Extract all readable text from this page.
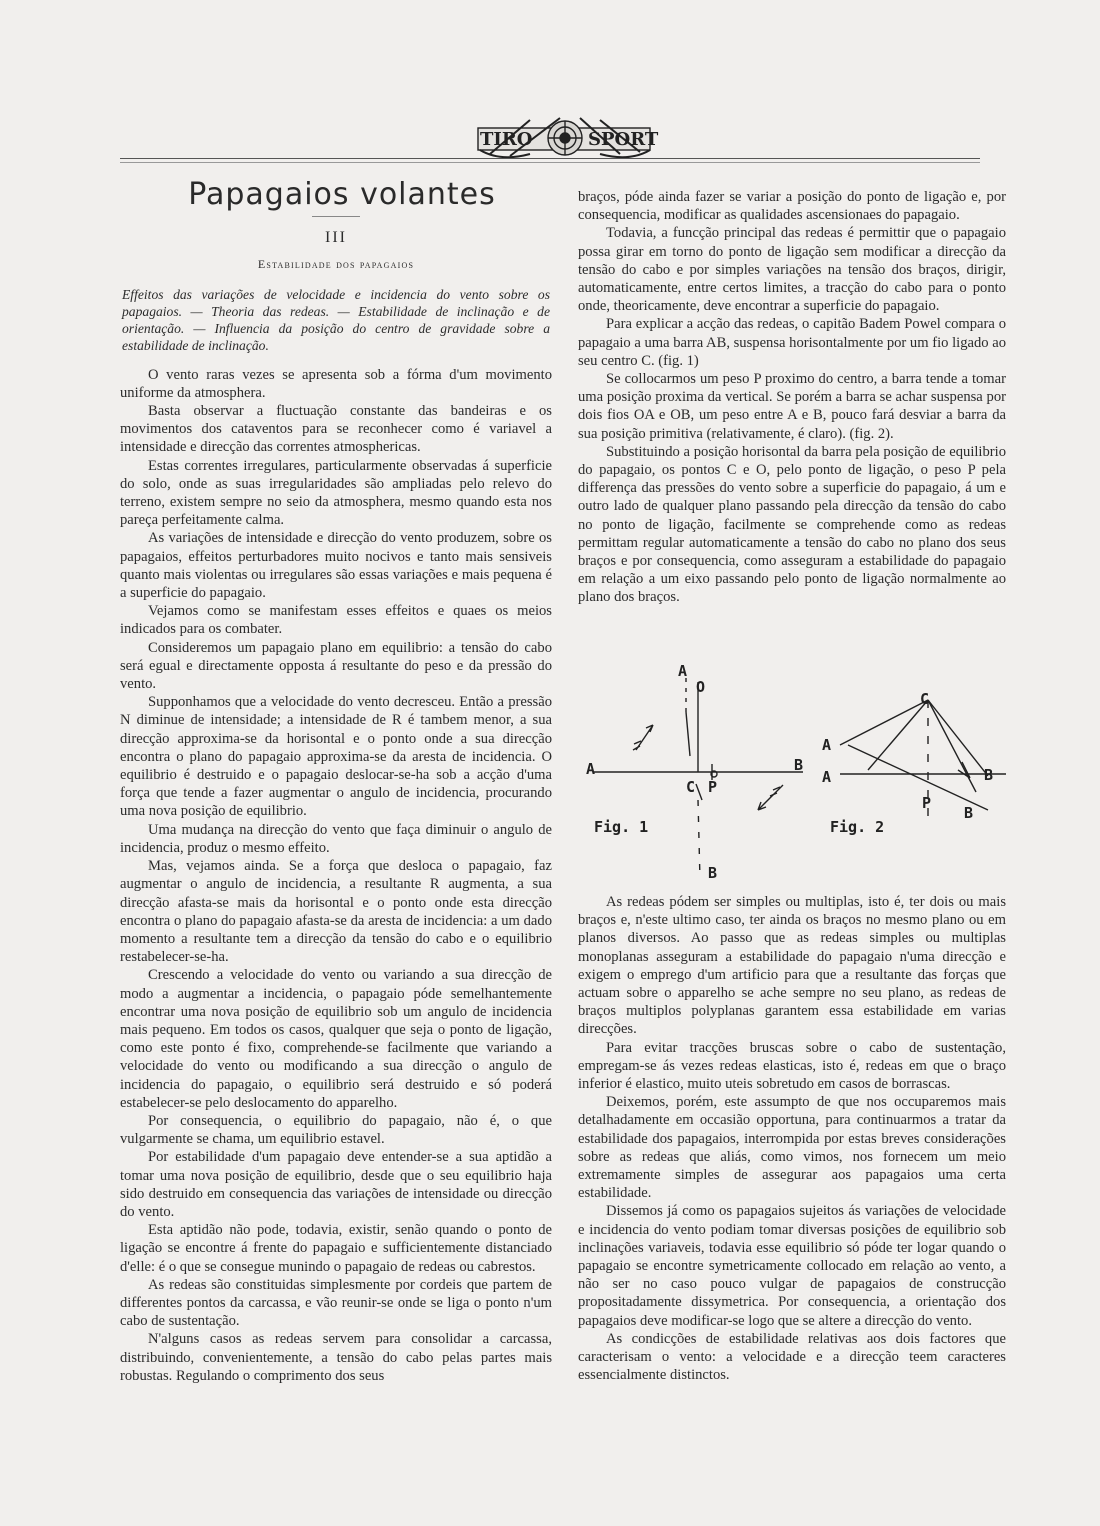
TIRO	SPORT
Papagaios volantes
III
Estabilidade dos papagaios
Effeitos das variações de velocidade e incidencia do vento sobre os papagaios. — Theoria das redeas. — Estabilidade de inclinação e de orientação. — Influencia da posição do centro de gravidade sobre a estabilidade de inclinação.

O vento raras vezes se apresenta sob a fórma d'um movimento uniforme da atmosphera.

Basta observar a fluctuação constante das bandeiras e os movimentos dos cataventos para se reconhecer como é variavel a intensidade e direcção das correntes atmosphericas.

Estas correntes irregulares, particularmente observadas á superficie do solo, onde as suas irregularidades são ampliadas pelo relevo do terreno, existem sempre no seio da atmosphera, mesmo quando esta nos pareça perfeitamente calma.

As variações de intensidade e direcção do vento produzem, sobre os papagaios, effeitos perturbadores muito nocivos e tanto mais sensiveis quanto mais violentas ou irregulares são essas variações e mais pequena é a superficie do papagaio.

Vejamos como se manifestam esses effeitos e quaes os meios indicados para os combater.

Consideremos um papagaio plano em equilibrio: a tensão do cabo será egual e directamente opposta á resultante do peso e da pressão do vento.

Supponhamos que a velocidade do vento decresceu. Então a pressão N diminue de intensidade; a intensidade de R é tambem menor, a sua direcção approxima-se da horisontal e o ponto onde a sua direcção encontra o plano do papagaio approxima-se da aresta de incidencia. O equilibrio é destruido e o papagaio deslocar-se-ha sob a acção d'uma força que tende a fazer augmentar o angulo de incidencia, procurando uma nova posição de equilibrio.

Uma mudança na direcção do vento que faça diminuir o angulo de incidencia, produz o mesmo effeito.

Mas, vejamos ainda. Se a força que desloca o papagaio, faz augmentar o angulo de incidencia, a resultante R augmenta, a sua direcção afasta-se mais da horisontal e o ponto onde esta direcção encontra o plano do papagaio afasta-se da aresta de incidencia: a um dado momento a resultante tem a direcção da tensão do cabo e o equilibrio restabelecer-se-ha.

Crescendo a velocidade do vento ou variando a sua direcção de modo a augmentar a incidencia, o papagaio póde semelhantemente encontrar uma nova posição de equilibrio sob um angulo de incidencia mais pequeno. Em todos os casos, qualquer que seja o ponto de ligação, como este ponto é fixo, comprehende-se facilmente que variando a velocidade do vento ou modificando a sua direcção o angulo de incidencia do papagaio, o equilibrio será destruido e só poderá estabelecer-se pelo deslocamento do apparelho.

Por consequencia, o equilibrio do papagaio, não é, o que vulgarmente se chama, um equilibrio estavel.

Por estabilidade d'um papagaio deve entender-se a sua aptidão a tomar uma nova posição de equilibrio, desde que o seu equilibrio haja sido destruido em consequencia das variações de intensidade ou direcção do vento.

Esta aptidão não pode, todavia, existir, senão quando o ponto de ligação se encontre á frente do papagaio e sufficientemente distanciado d'elle: é o que se consegue munindo o papagaio de redeas ou cabrestos.

As redeas são constituidas simplesmente por cordeis que partem de differentes pontos da carcassa, e vão reunir-se onde se liga o ponto n'um cabo de sustentação.

N'alguns casos as redeas servem para consolidar a carcassa, distribuindo, convenientemente, a tensão do cabo pelas partes mais robustas. Regulando o comprimento dos seus

braços, póde ainda fazer se variar a posição do ponto de ligação e, por consequencia, modificar as qualidades ascensionaes do papagaio.

Todavia, a funcção principal das redeas é permittir que o papagaio possa girar em torno do ponto de ligação sem modificar a direcção da tensão do cabo e por simples variações na tensão dos braços, dirigir, automaticamente, entre certos limites, a tracção do cabo para o ponto onde, theoricamente, deve encontrar a superficie do papagaio.

Para explicar a acção das redeas, o capitão Badem Powel compara o papagaio a uma barra AB, suspensa horisontalmente por um fio ligado ao seu centro C. (fig. 1)

Se collocarmos um peso P proximo do centro, a barra tende a tomar uma posição proxima da vertical. Se porém a barra se achar suspensa por dois fios OA e OB, um peso entre A e B, pouco fará desviar a barra da sua posição primitiva (relativamente, é claro). (fig. 2).

Substituindo a posição horisontal da barra pela posição de equilibrio do papagaio, os pontos C e O, pelo ponto de ligação, o peso P pela differença das pressões do vento sobre a superficie do papagaio, á um e outro lado de qualquer plano passando pela direcção da tensão do cabo no ponto de ligação, facilmente se comprehende como as redeas permittam regular automaticamente a tensão do cabo no plano dos seus braços e por consequencia, como asseguram a estabilidade do papagaio em relação a um eixo passando pelo ponto de ligação normalmente ao plano dos braços.

A
O
A	B
C P
B
Fig. 1
C
A
A	B
B
P
Fig. 2

As redeas pódem ser simples ou multiplas, isto é, ter dois ou mais braços e, n'este ultimo caso, ter ainda os braços no mesmo plano ou em planos diversos. Ao passo que as redeas simples ou multiplas monoplanas asseguram a estabilidade do papagaio n'uma direcção e exigem o emprego d'um artificio para que a resultante das forças que actuam sobre o apparelho se ache sempre no seu plano, as redeas de braços multiplos polyplanas garantem essa estabilidade em varias direcções.

Para evitar tracções bruscas sobre o cabo de sustentação, empregam-se ás vezes redeas elasticas, isto é, redeas em que o braço inferior é elastico, muito uteis sobretudo em casos de borrascas.

Deixemos, porém, este assumpto de que nos occuparemos mais detalhadamente em occasião opportuna, para continuarmos a tratar da estabilidade dos papagaios, interrompida por estas breves considerações sobre as redeas que aliás, como vimos, nos fornecem um meio extremamente simples de assegurar aos papagaios uma certa estabilidade.

Dissemos já como os papagaios sujeitos ás variações de velocidade e incidencia do vento podiam tomar diversas posições de equilibrio sob inclinações variaveis, todavia esse equilibrio só póde ter logar quando o papagaio se encontre symetricamente collocado em relação ao vento, a não ser no caso pouco vulgar de papagaios de construcção propositadamente dissymetrica. Por consequencia, a orientação dos papagaios deve modificar-se logo que se altere a direcção do vento.

As condicções de estabilidade relativas aos dois factores que caracterisam o vento: a velocidade e a direcção teem caracteres essencialmente distinctos.
